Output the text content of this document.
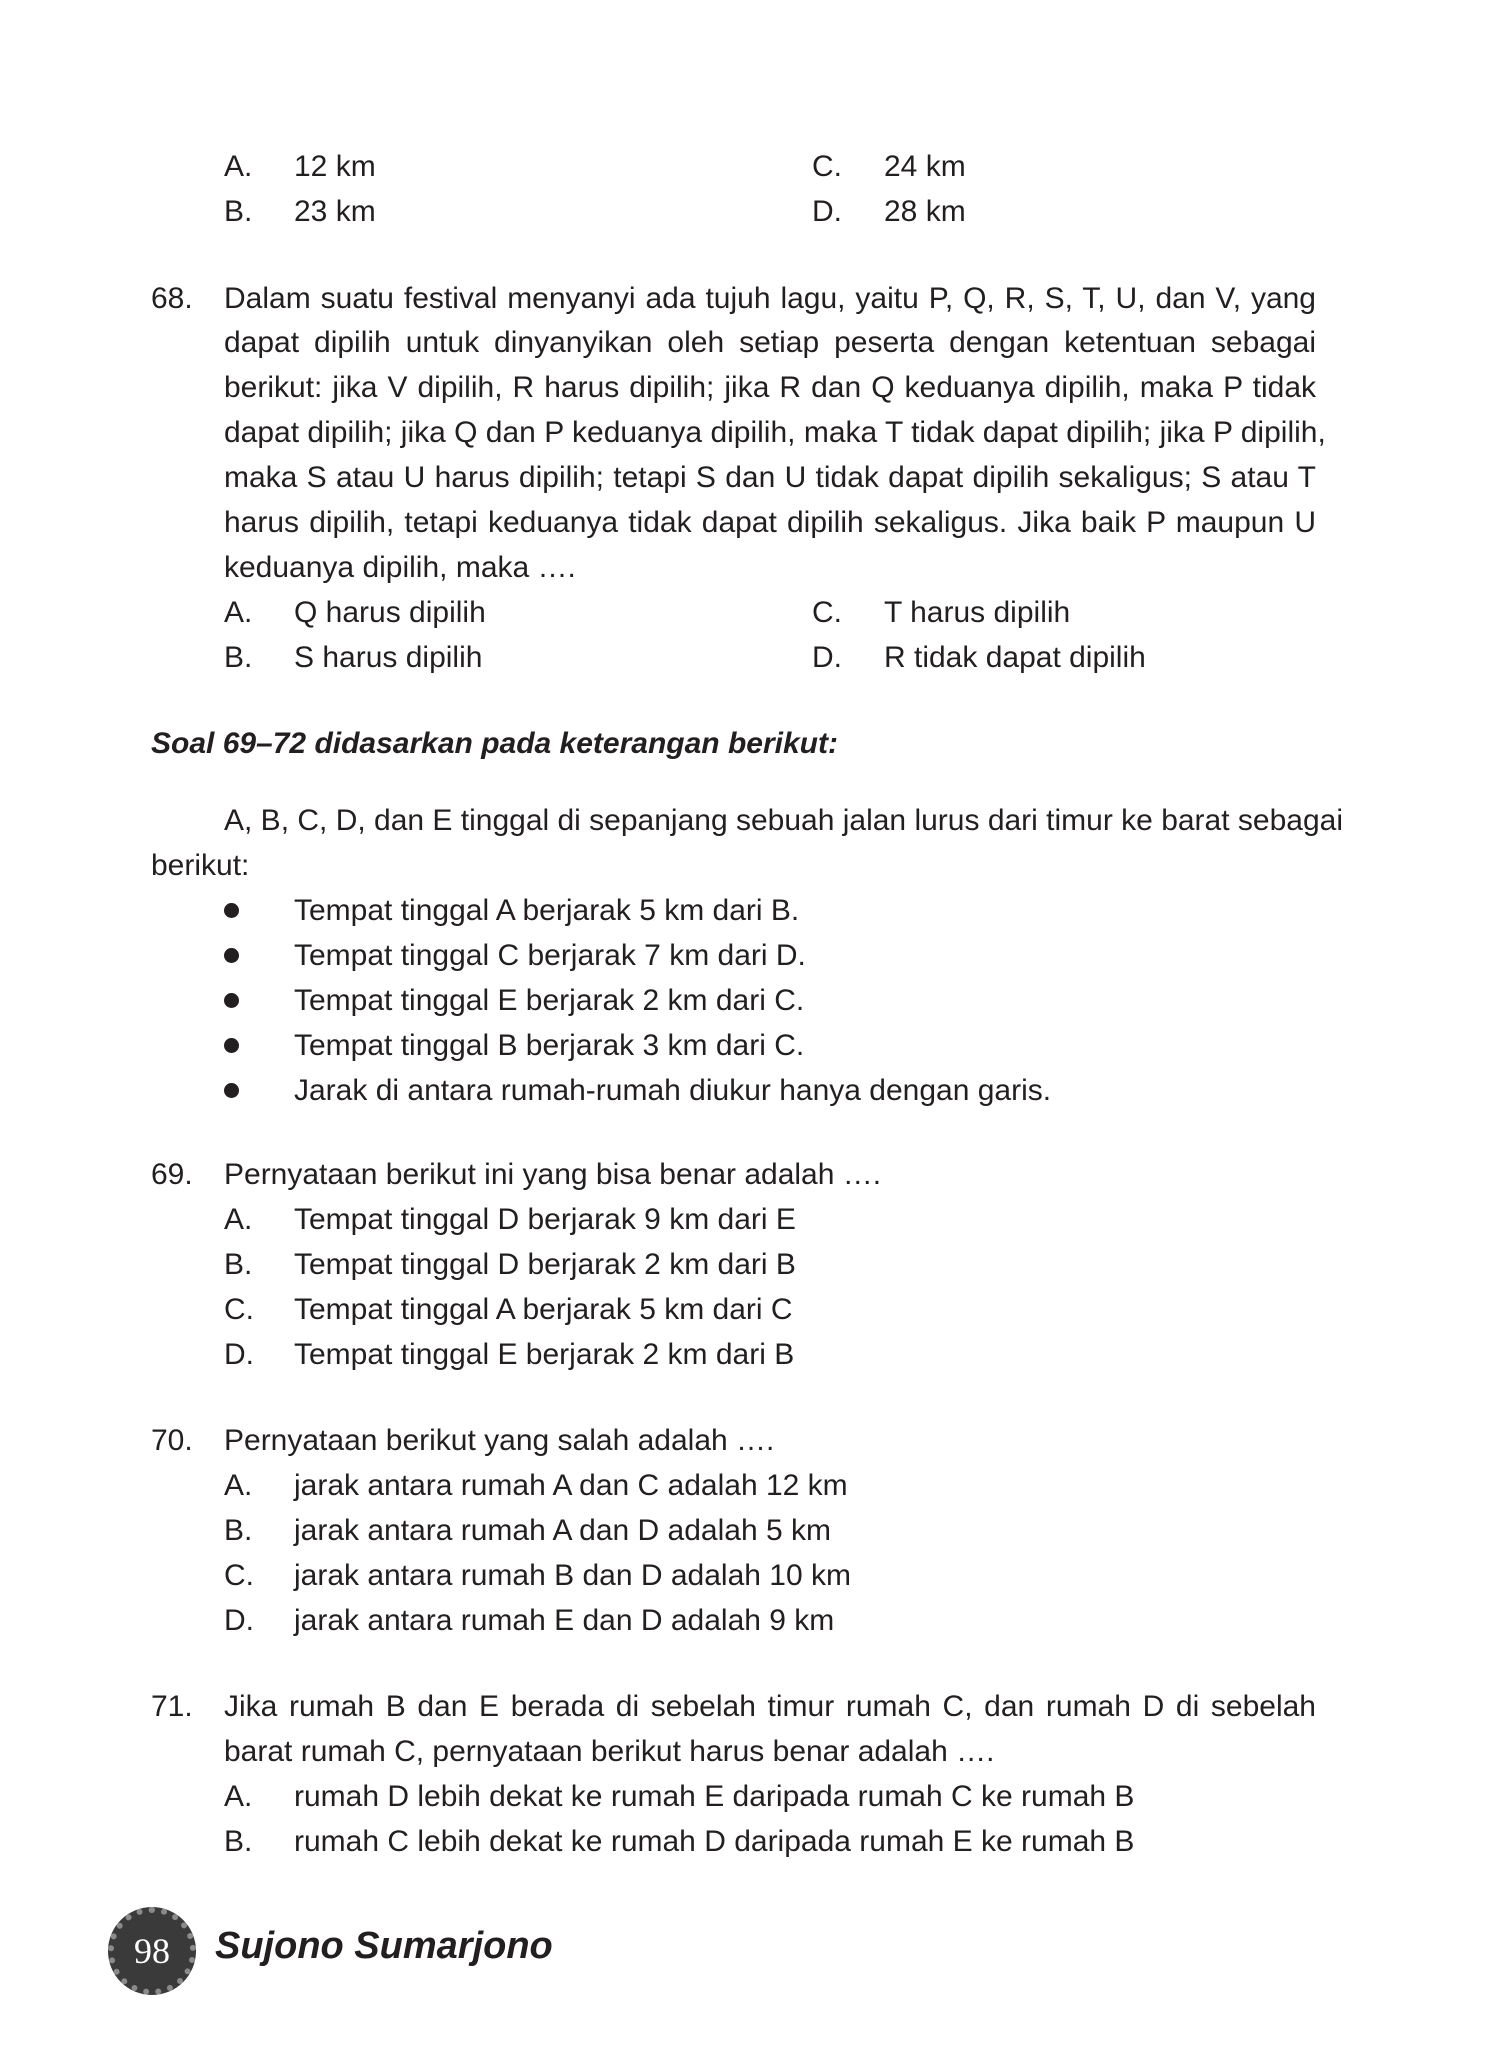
A. 12 km	C. 24 km
B. 23 km	D. 28 km
68. Dalam suatu festival menyanyi ada tujuh lagu, yaitu P, Q, R, S, T, U, dan V, yang
dapat dipilih untuk dinyanyikan oleh setiap peserta dengan ketentuan sebagai
berikut: jika V dipilih, R harus dipilih; jika R dan Q keduanya dipilih, maka P tidak
dapat dipilih; jika Q dan P keduanya dipilih, maka T tidak dapat dipilih; jika P dipilih,
maka S atau U harus dipilih; tetapi S dan U tidak dapat dipilih sekaligus; S atau T
harus dipilih, tetapi keduanya tidak dapat dipilih sekaligus. Jika baik P maupun U
keduanya dipilih, maka ….
A. Q harus dipilih	C. T harus dipilih
B. S harus dipilih	D. R tidak dapat dipilih
Soal 69–72 didasarkan pada keterangan berikut:
A, B, C, D, dan E tinggal di sepanjang sebuah jalan lurus dari timur ke barat sebagai
berikut:
Tempat tinggal A berjarak 5 km dari B.
Tempat tinggal C berjarak 7 km dari D.
Tempat tinggal E berjarak 2 km dari C.
Tempat tinggal B berjarak 3 km dari C.
Jarak di antara rumah-rumah diukur hanya dengan garis.
69. Pernyataan berikut ini yang bisa benar adalah ….
A. Tempat tinggal D berjarak 9 km dari E
B. Tempat tinggal D berjarak 2 km dari B
C. Tempat tinggal A berjarak 5 km dari C
D. Tempat tinggal E berjarak 2 km dari B
70. Pernyataan berikut yang salah adalah ….
A. jarak antara rumah A dan C adalah 12 km
B. jarak antara rumah A dan D adalah 5 km
C. jarak antara rumah B dan D adalah 10 km
D. jarak antara rumah E dan D adalah 9 km
71. Jika rumah B dan E berada di sebelah timur rumah C, dan rumah D di sebelah
barat rumah C, pernyataan berikut harus benar adalah ….
A. rumah D lebih dekat ke rumah E daripada rumah C ke rumah B
B. rumah C lebih dekat ke rumah D daripada rumah E ke rumah B
98 Sujono Sumarjono
